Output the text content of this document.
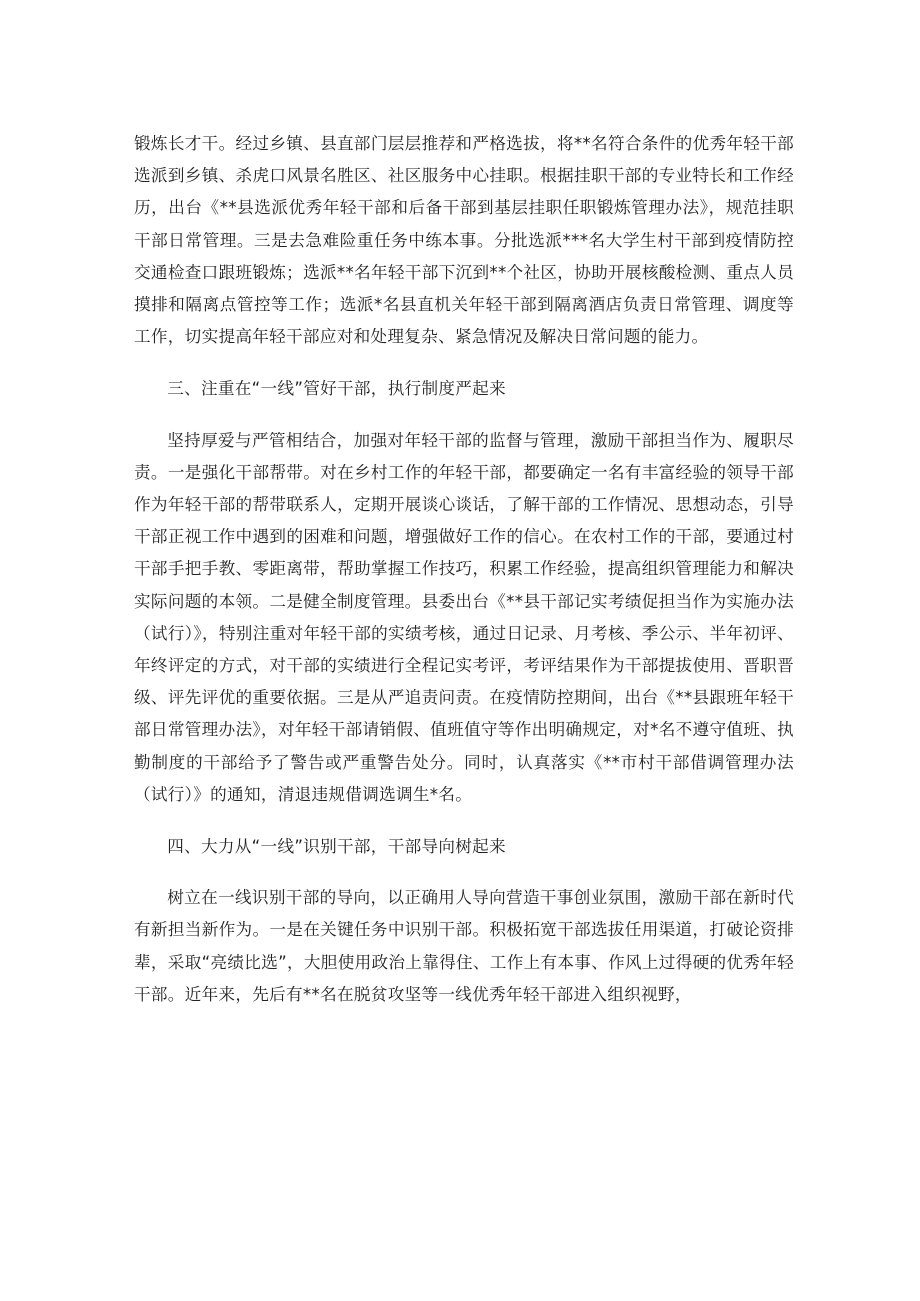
锻炼长才干。经过乡镇、县直部门层层推荐和严格选拔，将**名符合条件的优秀年轻干部选派到乡镇、杀虎口风景名胜区、社区服务中心挂职。根据挂职干部的专业特长和工作经历，出台《**县选派优秀年轻干部和后备干部到基层挂职任职锻炼管理办法》，规范挂职干部日常管理。三是去急难险重任务中练本事。分批选派***名大学生村干部到疫情防控交通检查口跟班锻炼；选派**名年轻干部下沉到**个社区，协助开展核酸检测、重点人员摸排和隔离点管控等工作；选派*名县直机关年轻干部到隔离酒店负责日常管理、调度等工作，切实提高年轻干部应对和处理复杂、紧急情况及解决日常问题的能力。

三、注重在“一线”管好干部，执行制度严起来

坚持厚爱与严管相结合，加强对年轻干部的监督与管理，激励干部担当作为、履职尽责。一是强化干部帮带。对在乡村工作的年轻干部，都要确定一名有丰富经验的领导干部作为年轻干部的帮带联系人，定期开展谈心谈话，了解干部的工作情况、思想动态，引导干部正视工作中遇到的困难和问题，增强做好工作的信心。在农村工作的干部，要通过村干部手把手教、零距离带，帮助掌握工作技巧，积累工作经验，提高组织管理能力和解决实际问题的本领。二是健全制度管理。县委出台《**县干部记实考绩促担当作为实施办法（试行）》，特别注重对年轻干部的实绩考核，通过日记录、月考核、季公示、半年初评、年终评定的方式，对干部的实绩进行全程记实考评，考评结果作为干部提拔使用、晋职晋级、评先评优的重要依据。三是从严追责问责。在疫情防控期间，出台《**县跟班年轻干部日常管理办法》，对年轻干部请销假、值班值守等作出明确规定，对*名不遵守值班、执勤制度的干部给予了警告或严重警告处分。同时，认真落实《**市村干部借调管理办法（试行）》的通知，清退违规借调选调生*名。

四、大力从“一线”识别干部，干部导向树起来

树立在一线识别干部的导向，以正确用人导向营造干事创业氛围，激励干部在新时代有新担当新作为。一是在关键任务中识别干部。积极拓宽干部选拔任用渠道，打破论资排辈，采取“亮绩比选”，大胆使用政治上靠得住、工作上有本事、作风上过得硬的优秀年轻干部。近年来，先后有**名在脱贫攻坚等一线优秀年轻干部进入组织视野，
